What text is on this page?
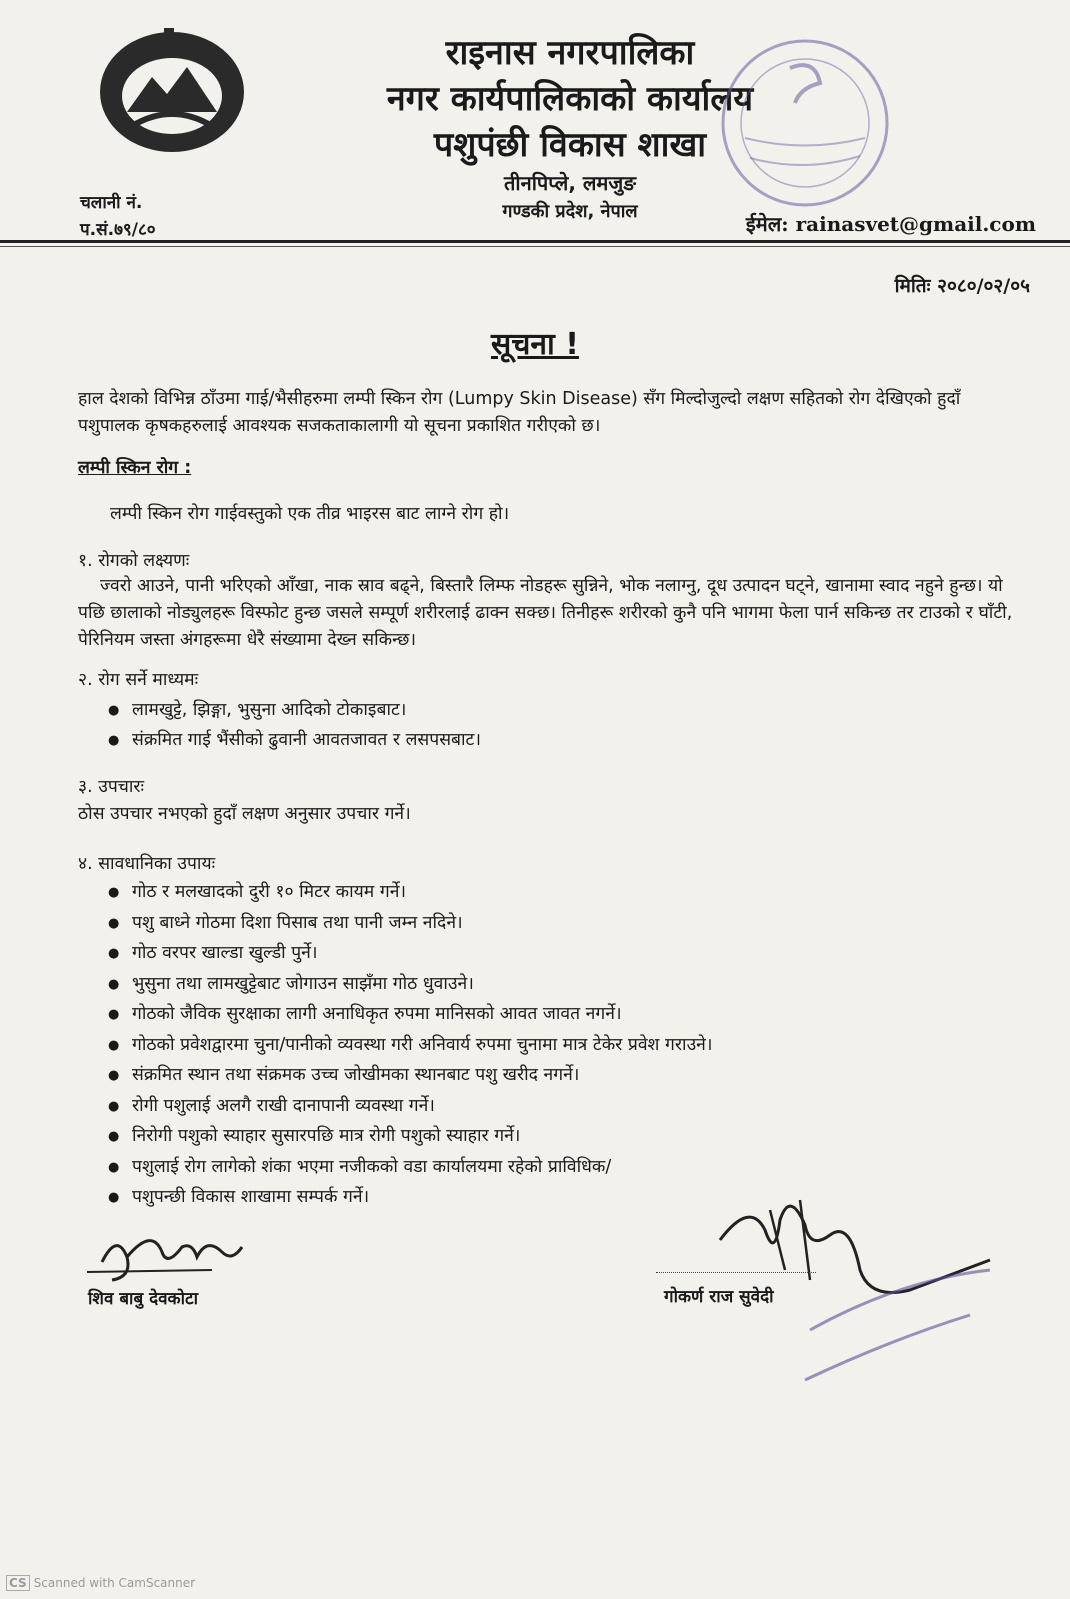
राइनास नगरपालिका
नगर कार्यपालिकाको कार्यालय
पशुपंछी विकास शाखा
तीनपिप्ले, लमजुङ
गण्डकी प्रदेश, नेपाल
चलानी नं.
प.सं.७९/८०	ईमेल: rainasvet@gmail.com
मितिः २०८०/०२/०५
सूचना !
हाल देशको विभिन्न ठाँउमा गाई/भैसीहरुमा लम्पी स्किन रोग (Lumpy Skin Disease) सँग मिल्दोजुल्दो लक्षण सहितको रोग देखिएको हुदाँ पशुपालक कृषकहरुलाई आवश्यक सजकताकालागी यो सूचना प्रकाशित गरीएको छ।
लम्पी स्किन रोग :
लम्पी स्किन रोग गाईवस्तुको एक तीव्र भाइरस बाट लाग्ने रोग हो।
१. रोगको लक्ष्यणः
ज्वरो आउने, पानी भरिएको आँखा, नाक स्राव बढ्ने, बिस्तारै लिम्फ नोडहरू सुन्निने, भोक नलाग्नु, दूध उत्पादन घट्ने, खानामा स्वाद नहुने हुन्छ। यो पछि छालाको नोड्युलहरू विस्फोट हुन्छ जसले सम्पूर्ण शरीरलाई ढाक्न सक्छ। तिनीहरू शरीरको कुनै पनि भागमा फेला पार्न सकिन्छ तर टाउको र घाँटी, पेरिनियम जस्ता अंगहरूमा धेरै संख्यामा देख्न सकिन्छ।
२. रोग सर्ने माध्यमः
● लामखुट्टे, झिङ्गा, भुसुना आदिको टोकाइबाट।
● संक्रमित गाई भैंसीको ढुवानी आवतजावत र लसपसबाट।
३. उपचारः
ठोस उपचार नभएको हुदाँ लक्षण अनुसार उपचार गर्ने।
४. सावधानिका उपायः
● गोठ र मलखादको दुरी १० मिटर कायम गर्ने।
● पशु बाध्ने गोठमा दिशा पिसाब तथा पानी जम्न नदिने।
● गोठ वरपर खाल्डा खुल्डी पुर्ने।
● भुसुना तथा लामखुट्टेबाट जोगाउन साझँमा गोठ धुवाउने।
● गोठको जैविक सुरक्षाका लागी अनाधिकृत रुपमा मानिसको आवत जावत नगर्ने।
● गोठको प्रवेशद्वारमा चुना/पानीको व्यवस्था गरी अनिवार्य रुपमा चुनामा मात्र टेकेर प्रवेश गराउने।
● संक्रमित स्थान तथा संक्रमक उच्च जोखीमका स्थानबाट पशु खरीद नगर्ने।
● रोगी पशुलाई अलगै राखी दानापानी व्यवस्था गर्ने।
● निरोगी पशुको स्याहार सुसारपछि मात्र रोगी पशुको स्याहार गर्ने।
● पशुलाई रोग लागेको शंका भएमा नजीकको वडा कार्यालयमा रहेको प्राविधिक/
● पशुपन्छी विकास शाखामा सम्पर्क गर्ने।
शिव बाबु देवकोटा	गोकर्ण राज सुवेदी
CS Scanned with CamScanner
